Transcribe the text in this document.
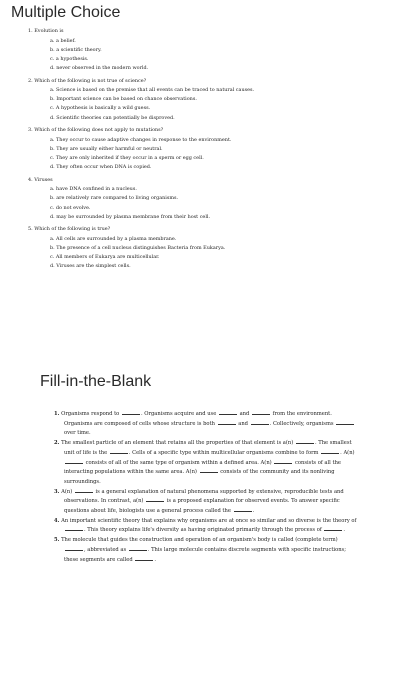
Multiple Choice
1. Evolution is
a. a belief.
b. a scientific theory.
c. a hypothesis.
d. never observed in the modern world.
2. Which of the following is not true of science?
a. Science is based on the premise that all events can be traced to natural causes.
b. Important science can be based on chance observations.
c. A hypothesis is basically a wild guess.
d. Scientific theories can potentially be disproved.
3. Which of the following does not apply to mutations?
a. They occur to cause adaptive changes in response to the environment.
b. They are usually either harmful or neutral.
c. They are only inherited if they occur in a sperm or egg cell.
d. They often occur when DNA is copied.
4. Viruses
a. have DNA confined in a nucleus.
b. are relatively rare compared to living organisms.
c. do not evolve.
d. may be surrounded by plasma membrane from their host cell.
5. Which of the following is true?
a. All cells are surrounded by a plasma membrane.
b. The presence of a cell nucleus distinguishes Bacteria from Eukarya.
c. All members of Eukarya are multicellular.
d. Viruses are the simplest cells.
Fill-in-the-Blank
1. Organisms respond to	. Organisms acquire and use	and	from the environment. Organisms are composed of cells whose structure is both	and	. Collectively, organisms  over time.
2. The smallest particle of an element that retains all the properties of that element is a(n)	. The smallest unit of life is the	. Cells of a specific type within multicellular organisms combine to form	. A(n)  consists of all of the same type of organism within a defined area. A(n)	consists of all the interacting populations within the same area. A(n)	consists of the community and its nonliving surroundings.
3. A(n)	is a general explanation of natural phenomena supported by extensive, reproducible tests and observations. In contrast, a(n)	is a proposed explanation for observed events. To answer specific questions about life, biologists use a general process called the	.
4. An important scientific theory that explains why organisms are at once so similar and so diverse is the theory of . This theory explains life's diversity as having originated primarily through the process of	.
5. The molecule that guides the construction and operation of an organism's body is called (complete term) , abbreviated as	. This large molecule contains discrete segments with specific instructions; these segments are called	.
